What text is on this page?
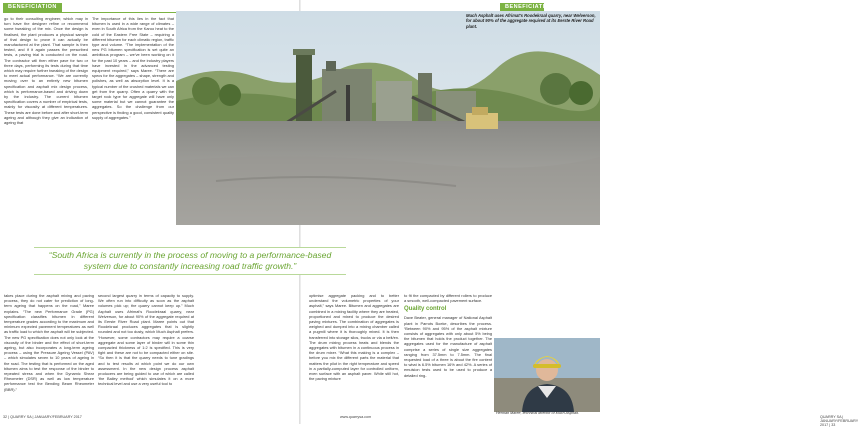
BENEFICIATION

go to their consulting engineer, which may in turn have the designer refine or recommend some tweaking of the mix. Once the design is finalised, the plant produces a physical sample of that design to prove it can actually be manufactured at the plant. That sample is then tested, and if it again passes the prescribed tests, a paving trial is conducted on the road. The contractor will then either pave for two or three days, performing its tests during that time which may require further tweaking of the design to meet actual performance. “We are currently moving over to an entirely new bitumen specification and asphalt mix design process, which is performance-based and driving down by the industry. The current bitumen specification covers a number of empirical tests, mainly for viscosity at different temperatures. These tests are done before and after short-term ageing and although they give an indication of ageing that

The importance of this lies in the fact that bitumen is used in a wide range of climates – even in South Africa from the Karoo heat to the cold of the Eastern Free State – requiring a different bitumen for each climatic region, traffic type and volume. “The implementation of the new PG bitumen specification is set quite an ambitious program – we’ve been working on it for the past 10 years – and the industry players have invested in the advanced testing equipment required,” says Maree. “There are specs for the aggregates – shape, strength and polishes, as well as absorption level. It is a typical number of the crushed materials we can get from the quarry. Often a quarry with the target rock type for aggregate will have only some material but we cannot guarantee the aggregates. So the challenge from our perspective is finding a good, consistent quality supply of aggregates.”

takes place during the asphalt mixing and paving process, they do not cater for prediction of long-term ageing that happens on the road,” Maree explains. “The new Performance Grade (PG) specification classifies bitumen in different temperature grades according to the maximum and minimum expected pavement temperatures as well as traffic load to which the asphalt will be subjected. The new PG specification does not only look at the viscosity of the binder and the effect of short-term ageing, but also incorporates a long-term ageing process – using the Pressure Ageing Vessel (PAV) – which simulates seven to 10 years of ageing in the road. The testing that is performed on the aged bitumen aims to test the response of the binder to repeated stress and when the Dynamic Shear Rheometer (DSR) as well as low temperature performance test the Bending Beam Rheometer (BBR).”

second largest quarry in terms of capacity to supply. We often run into difficulty as soon as the asphalt volumes pick up; the quarry cannot keep up.” Much Asphalt uses Afrimat's Roodekraal quarry, near Welverson, for about 90% of the aggregate required at its Eerste River Road plant. Maree points out that Roodekraal produces aggregates that is slightly rounded and not too dusty, which Much Asphalt prefers. “However, some contractors may require a coarse aggregate and some layer of binder will in some thin compacted thickness of 1:2 is specified. This is very tight and these are not to be compacted either on site. “So then it is that the quarry needs to tune gradings and to test results at which point we do our own assessment. In the new design process asphalt producers are being guided to use of which are called ‘the Bailey method’ which simulates it on a more technical level and use a very useful tool to

32 | QUARRY SA | JANUARY/FEBRUARY 2017
BENEFICIATION

optimise aggregate packing and to better understand the volumetric properties of your asphalt,” says Maree. Bitumen and aggregates are combined in a mixing facility where they are heated, proportioned and mixed to produce the desired paving mixtures. The combination of aggregates is weighed and dumped into a mixing chamber called a pugmill where it is thoroughly mixed. It is then transferred into storage silos, trucks or via a belt/en. The drum mixing process heats and blends the aggregates with bitumen in a continuous process in the drum mixer. “What this making is a complex – before you mix the different parts the material that matters the pilot in the right temperature and speed in a partially-computed layer for controlled uniform, even surface with an asphalt paver. While still hot, the paving mixture

to fit the compacted by different rollers to produce a smooth, well-compacted pavement surface.

Quality control

Dave Beater, general manager of National Asphalt plant in Parrots Boeke, describes the process. “Between 90% and 95% of the asphalt mixture consists of aggregates with only about 5% being the bitumen that holds the product together. The aggregates used for the manufacture of asphalt comprise a series of single size aggregates ranging from 37.5mm to 7.5mm. The final requested load of a three is about the fire content to what is 6.5% bitumen 16% and 42%. A series of emulsion tests used to be used to produce a detailed ring-

QUARRY SA | JANUARY/FEBRUARY 2017 | 33
Much Asphalt uses Afrimat's Roodekraal quarry, near Welverson, for about 90% of the aggregate required at its Eerste River Road plant.
“South Africa is currently in the process of moving to a performance-based system due to constantly increasing road traffic growth.”
Herman Maree, technical director of Much Asphalt.
www.quarrysa.com
